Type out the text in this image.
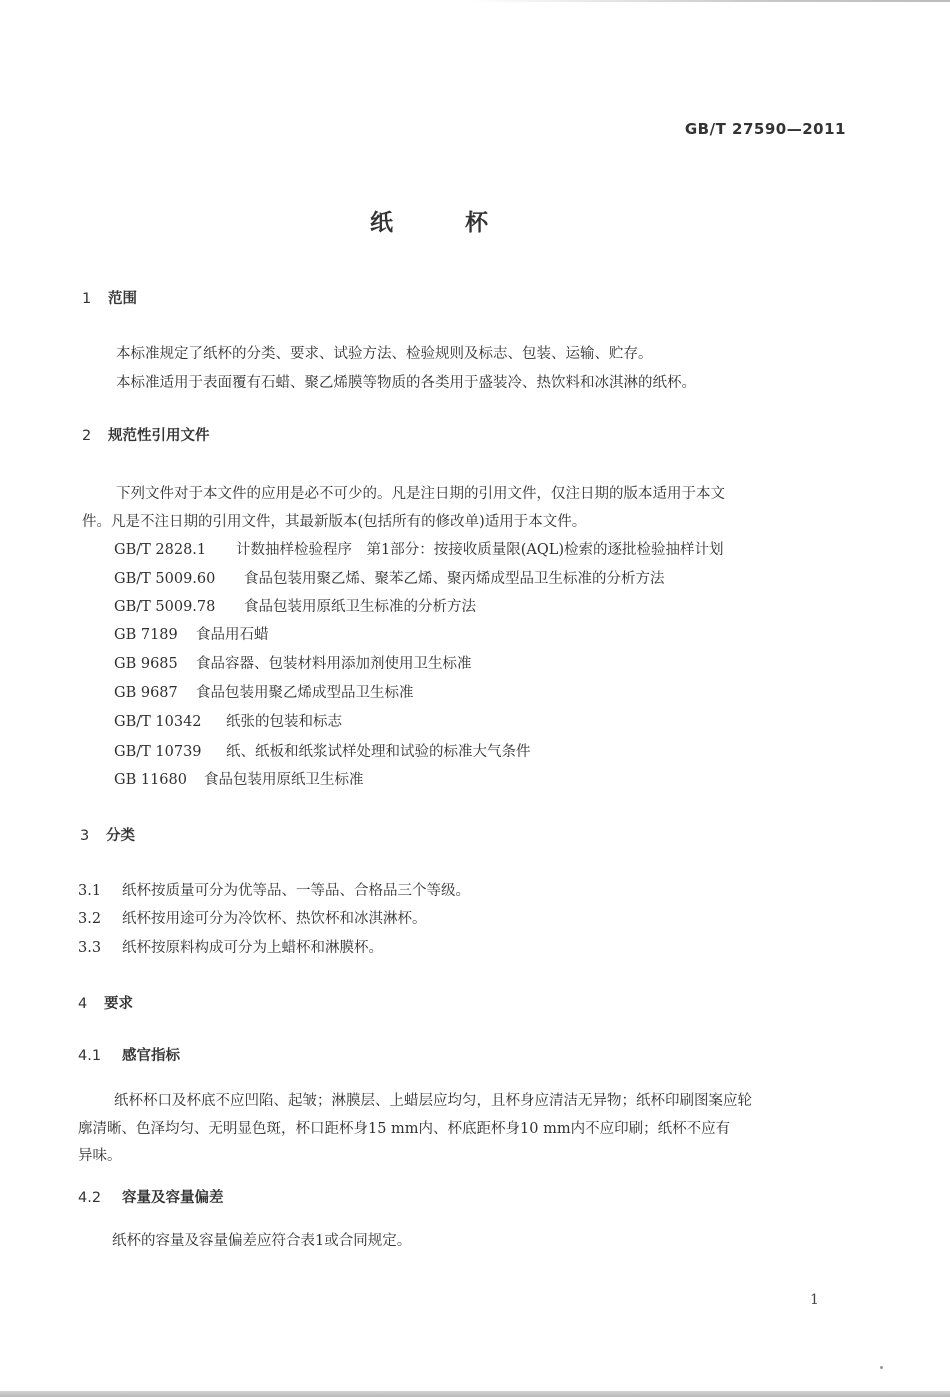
GB/T 27590—2011
纸杯
1 范围
本标准规定了纸杯的分类、要求、试验方法、检验规则及标志、包装、运输、贮存。
本标准适用于表面覆有石蜡、聚乙烯膜等物质的各类用于盛装冷、热饮料和冰淇淋的纸杯。
2 规范性引用文件
下列文件对于本文件的应用是必不可少的。凡是注日期的引用文件，仅注日期的版本适用于本文
件。凡是不注日期的引用文件，其最新版本(包括所有的修改单)适用于本文件。
GB/T 2828.1 计数抽样检验程序　第1部分：按接收质量限(AQL)检索的逐批检验抽样计划
GB/T 5009.60 食品包装用聚乙烯、聚苯乙烯、聚丙烯成型品卫生标准的分析方法
GB/T 5009.78 食品包装用原纸卫生标准的分析方法
GB 7189 食品用石蜡
GB 9685 食品容器、包装材料用添加剂使用卫生标准
GB 9687 食品包装用聚乙烯成型品卫生标准
GB/T 10342 纸张的包装和标志
GB/T 10739 纸、纸板和纸浆试样处理和试验的标准大气条件
GB 11680 食品包装用原纸卫生标准
3 分类
3.1 纸杯按质量可分为优等品、一等品、合格品三个等级。
3.2 纸杯按用途可分为冷饮杯、热饮杯和冰淇淋杯。
3.3 纸杯按原料构成可分为上蜡杯和淋膜杯。
4 要求
4.1 感官指标
纸杯杯口及杯底不应凹陷、起皱；淋膜层、上蜡层应均匀，且杯身应清洁无异物；纸杯印刷图案应轮
廓清晰、色泽均匀、无明显色斑，杯口距杯身15 mm内、杯底距杯身10 mm内不应印刷；纸杯不应有
异味。
4.2 容量及容量偏差
纸杯的容量及容量偏差应符合表1或合同规定。
1
